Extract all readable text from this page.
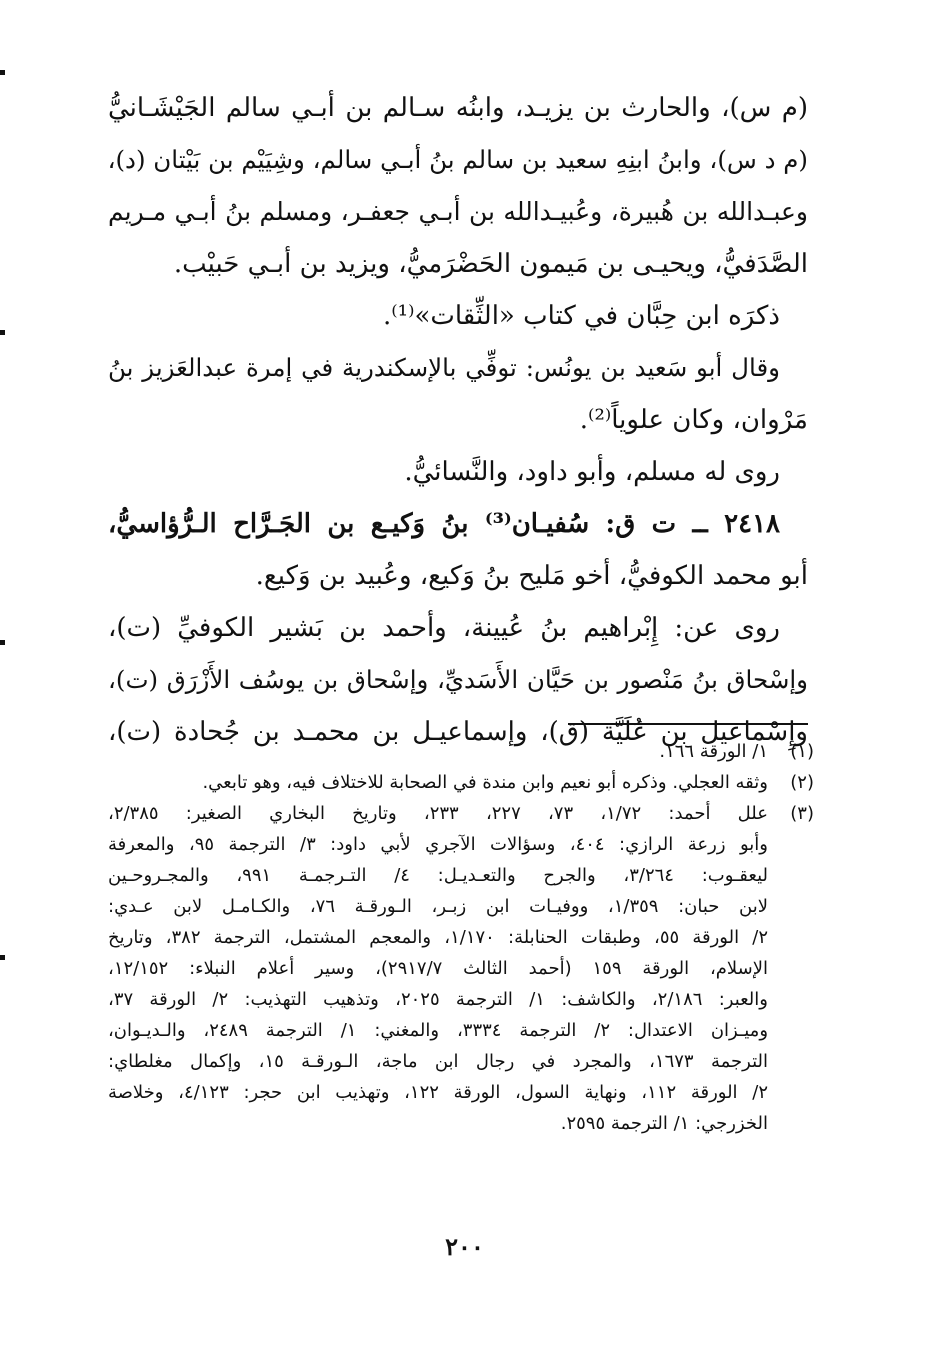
(م س)، والحارث بن يزيـد، وابنُه سـالم بن أبـي سالم الجَيْشَـانيُّ

(م د س)، وابنُ ابنِهِ سعيد بن سالم بنُ أبـي سالم، وشِيَيْم بن بَيْتان (د)،

وعبـدالله بن هُبيرة، وعُبيـدالله بن أبـي جعفـر، ومسلم بنُ أبـي مـريم

الصَّدَفيُّ، ويحيـى بن مَيمون الحَضْرَميُّ، ويزيد بن أبـي حَبيْب.

ذكرَه ابن حِبَّان في كتاب «الثِّقات»⁽¹⁾.

وقال أبو سَعيد بن يونُس: توفِّي بالإسكندرية في إمرة عبدالعَزيز بنُ

مَرْوان، وكان علوياً⁽²⁾.

روى له مسلم، وأبو داود، والنَّسائيُّ.

٢٤١٨ ــ ت ق: سُفيـان⁽³⁾ بنُ وَكيـع بن الجَـرَّاح الـرُّؤاسيُّ،

أبو محمد الكوفيُّ، أخو مَليح بنُ وَكيع، وعُبيد بن وَكيع.

روى عن: إِبْراهيم بنُ عُيينة، وأحمد بن بَشير الكوفيِّ (ت)،

وإسْحاق بنُ مَنْصور بن حَيَّان الأَسَديِّ، وإسْحاق بن يوسُف الأَزْرَق (ت)،

وإِسْماعيل بن عُلَيَّة (ق)، وإسماعيـل بن محمـد بن جُحادة (ت)،

(١)
١/ الورقة ١٦٦.
(٢)
وثقه العجلي. وذكره أبو نعيم وابن مندة في الصحابة للاختلاف فيه، وهو تابعي.
(٣)
علل أحمد: ١/٧٢، ٧٣، ٢٢٧، ٢٣٣، وتاريخ البخاري الصغير: ٢/٣٨٥،
وأبو زرعة الرازي: ٤٠٤، وسؤالات الآجري لأبي داود: ٣/ الترجمة ٩٥، والمعرفة
ليعقـوب: ٣/٢٦٤، والجرح والتعـديـل: ٤/ التـرجمـة ٩٩١، والمجـروحـين
لابن حبان: ١/٣٥٩، ووفيـات ابن زبـر، الـورقـة ٧٦، والكـامـل لابن عـدي:
٢/ الورقة ٥٥، وطبقات الحنابلة: ١/١٧٠، والمعجم المشتمل، الترجمة ٣٨٢، وتاريخ
الإسلام، الورقة ١٥٩ (أحمد الثالث ٢٩١٧/٧)، وسير أعلام النبلاء: ١٢/١٥٢،
والعبر: ٢/١٨٦، والكاشف: ١/ الترجمة ٢٠٢٥، وتذهيب التهذيب: ٢/ الورقة ٣٧،
وميـزان الاعتدال: ٢/ الترجمة ٣٣٣٤، والمغني: ١/ الترجمة ٢٤٨٩، والـديـوان،
الترجمة ١٦٧٣، والمجرد في رجال ابن ماجة، الـورقـة ١٥، وإكمال مغلطاي:
٢/ الورقة ١١٢، ونهاية السول، الورقة ١٢٢، وتهذيب ابن حجر: ٤/١٢٣، وخلاصة
الخزرجي: ١/ الترجمة ٢٥٩٥.
٢٠٠
